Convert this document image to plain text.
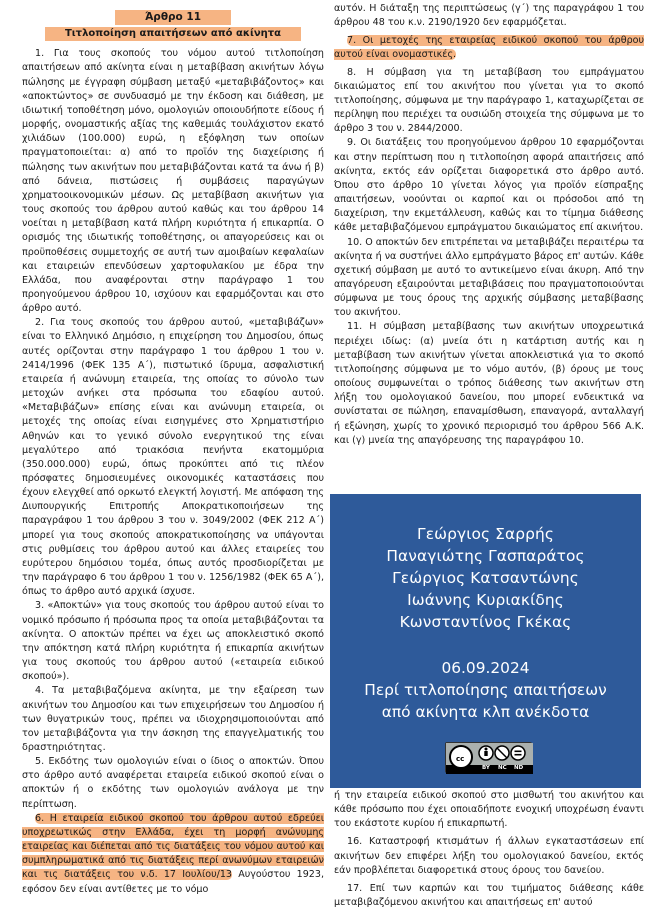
Άρθρο 11
Τιτλοποίηση απαιτήσεων από ακίνητα

1. Για τους σκοπούς του νόμου αυτού τιτλοποίηση απαιτήσεων από ακίνητα είναι η μεταβίβαση ακινήτων λόγω πώλησης με έγγραφη σύμβαση μεταξύ «μεταβιβάζοντος» και «αποκτώντος» σε συνδυασμό με την έκδοση και διάθεση, με ιδιωτική τοποθέτηση μόνο, ομολογιών οποιουδήποτε είδους ή μορφής, ονομαστικής αξίας της καθεμιάς τουλάχιστον εκατό χιλιάδων (100.000) ευρώ, η εξόφληση των οποίων πραγματοποιείται: α) από το προϊόν της διαχείρισης ή πώλησης των ακινήτων που μεταβιβάζονται κατά τα άνω ή β) από δάνεια, πιστώσεις ή συμβάσεις παραγώγων χρηματοοικονομικών μέσων. Ως μεταβίβαση ακινήτων για τους σκοπούς του άρθρου αυτού καθώς και του άρθρου 14 νοείται η μεταβίβαση κατά πλήρη κυριότητα ή επικαρπία. Ο ορισμός της ιδιωτικής τοποθέτησης, οι απαγορεύσεις και οι προϋποθέσεις συμμετοχής σε αυτή των αμοιβαίων κεφαλαίων και εταιρειών επενδύσεων χαρτοφυλακίου με έδρα την Ελλάδα, που αναφέρονται στην παράγραφο 1 του προηγούμενου άρθρου 10, ισχύουν και εφαρμόζονται και στο άρθρο αυτό.

2. Για τους σκοπούς του άρθρου αυτού, «μεταβιβάζων» είναι το Ελληνικό Δημόσιο, η επιχείρηση του Δημοσίου, όπως αυτές ορίζονται στην παράγραφο 1 του άρθρου 1 του ν. 2414/1996 (ΦΕΚ 135 Α΄), πιστωτικό ίδρυμα, ασφαλιστική εταιρεία ή ανώνυμη εταιρεία, της οποίας το σύνολο των μετοχών ανήκει στα πρόσωπα του εδαφίου αυτού. «Μεταβιβάζων» επίσης είναι και ανώνυμη εταιρεία, οι μετοχές της οποίας είναι εισηγμένες στο Χρηματιστήριο Αθηνών και το γενικό σύνολο ενεργητικού της είναι μεγαλύτερο από τριακόσια πενήντα εκατομμύρια (350.000.000) ευρώ, όπως προκύπτει από τις πλέον πρόσφατες δημοσιευμένες οικονομικές καταστάσεις που έχουν ελεγχθεί από ορκωτό ελεγκτή λογιστή. Με απόφαση της Διυπουργικής Επιτροπής Αποκρατικοποιήσεων της παραγράφου 1 του άρθρου 3 του ν. 3049/2002 (ΦΕΚ 212 Α΄) μπορεί για τους σκοπούς αποκρατικοποίησης να υπάγονται στις ρυθμίσεις του άρθρου αυτού και άλλες εταιρείες του ευρύτερου δημόσιου τομέα, όπως αυτός προσδιορίζεται με την παράγραφο 6 του άρθρου 1 του ν. 1256/1982 (ΦΕΚ 65 Α΄), όπως το άρθρο αυτό αρχικά ίσχυσε.

3. «Αποκτών» για τους σκοπούς του άρθρου αυτού είναι το νομικό πρόσωπο ή πρόσωπα προς τα οποία μεταβιβάζονται τα ακίνητα. Ο αποκτών πρέπει να έχει ως αποκλειστικό σκοπό την απόκτηση κατά πλήρη κυριότητα ή επικαρπία ακινήτων για τους σκοπούς του άρθρου αυτού («εταιρεία ειδικού σκοπού»).

4. Τα μεταβιβαζόμενα ακίνητα, με την εξαίρεση των ακινήτων του Δημοσίου και των επιχειρήσεων του Δημοσίου ή των θυγατρικών τους, πρέπει να ιδιοχρησιμοποιούνται από τον μεταβιβάζοντα για την άσκηση της επαγγελματικής του δραστηριότητας.

5. Εκδότης των ομολογιών είναι ο ίδιος ο αποκτών. Όπου στο άρθρο αυτό αναφέρεται εταιρεία ειδικού σκοπού είναι ο αποκτών ή ο εκδότης των ομολογιών ανάλογα με την περίπτωση.

6. Η εταιρεία ειδικού σκοπού του άρθρου αυτού εδρεύει υποχρεωτικώς στην Ελλάδα, έχει τη μορφή ανώνυμης εταιρείας και διέπεται από τις διατάξεις του νόμου αυτού και συμπληρωματικά από τις διατάξεις περί ανωνύμων εταιρειών και τις διατάξεις του ν.δ. 17 Ιουλίου/13 Αυγούστου 1923, εφόσον δεν είναι αντίθετες με το νόμο

αυτόν. Η διάταξη της περιπτώσεως (γ΄) της παραγράφου 1 του άρθρου 48 του κ.ν. 2190/1920 δεν εφαρμόζεται.

7. Οι μετοχές της εταιρείας ειδικού σκοπού του άρθρου αυτού είναι ονομαστικές.

8. Η σύμβαση για τη μεταβίβαση του εμπράγματου δικαιώματος επί του ακινήτου που γίνεται για το σκοπό τιτλοποίησης, σύμφωνα με την παράγραφο 1, καταχωρίζεται σε περίληψη που περιέχει τα ουσιώδη στοιχεία της σύμφωνα με το άρθρο 3 του ν. 2844/2000.

9. Οι διατάξεις του προηγούμενου άρθρου 10 εφαρμόζονται και στην περίπτωση που η τιτλοποίηση αφορά απαιτήσεις από ακίνητα, εκτός εάν ορίζεται διαφορετικά στο άρθρο αυτό. Όπου στο άρθρο 10 γίνεται λόγος για προϊόν είσπραξης απαιτήσεων, νοούνται οι καρποί και οι πρόσοδοι από τη διαχείριση, την εκμετάλλευση, καθώς και το τίμημα διάθεσης κάθε μεταβιβαζόμενου εμπράγματου δικαιώματος επί ακινήτου.

10. Ο αποκτών δεν επιτρέπεται να μεταβιβάζει περαιτέρω τα ακίνητα ή να συστήνει άλλο εμπράγματο βάρος επ' αυτών. Κάθε σχετική σύμβαση με αυτό το αντικείμενο είναι άκυρη. Από την απαγόρευση εξαιρούνται μεταβιβάσεις που πραγματοποιούνται σύμφωνα με τους όρους της αρχικής σύμβασης μεταβίβασης του ακινήτου.

11. Η σύμβαση μεταβίβασης των ακινήτων υποχρεωτικά περιέχει ιδίως: (α) μνεία ότι η κατάρτιση αυτής και η μεταβίβαση των ακινήτων γίνεται αποκλειστικά για το σκοπό τιτλοποίησης σύμφωνα με το νόμο αυτόν, (β) όρους με τους οποίους συμφωνείται ο τρόπος διάθεσης των ακινήτων στη λήξη του ομολογιακού δανείου, που μπορεί ενδεικτικά να συνίσταται σε πώληση, επαναμίσθωση, επαναγορά, ανταλλαγή ή εξώνηση, χωρίς το χρονικό περιορισμό του άρθρου 566 Α.Κ. και (γ) μνεία της απαγόρευσης της παραγράφου 10.

ή την εταιρεία ειδικού σκοπού στο μισθωτή του ακινήτου και κάθε πρόσωπο που έχει οποιαδήποτε ενοχική υποχρέωση έναντι του εκάστοτε κυρίου ή επικαρπωτή.

16. Καταστροφή κτισμάτων ή άλλων εγκαταστάσεων επί ακινήτων δεν επιφέρει λήξη του ομολογιακού δανείου, εκτός εάν προβλέπεται διαφορετικά στους όρους του δανείου.

17. Επί των καρπών και του τιμήματος διάθεσης κάθε μεταβιβαζόμενου ακινήτου και απαιτήσεως επ' αυτού

Γεώργιος Σαρρής
Παναγιώτης Γασπαράτος
Γεώργιος Κατσαντώνης
Ιωάννης Κυριακίδης
Κωνσταντίνος Γκέκας
06.09.2024
Περί τιτλοποίησης απαιτήσεων
από ακίνητα κλπ ανέκδοτα
cc
BY NC ND
